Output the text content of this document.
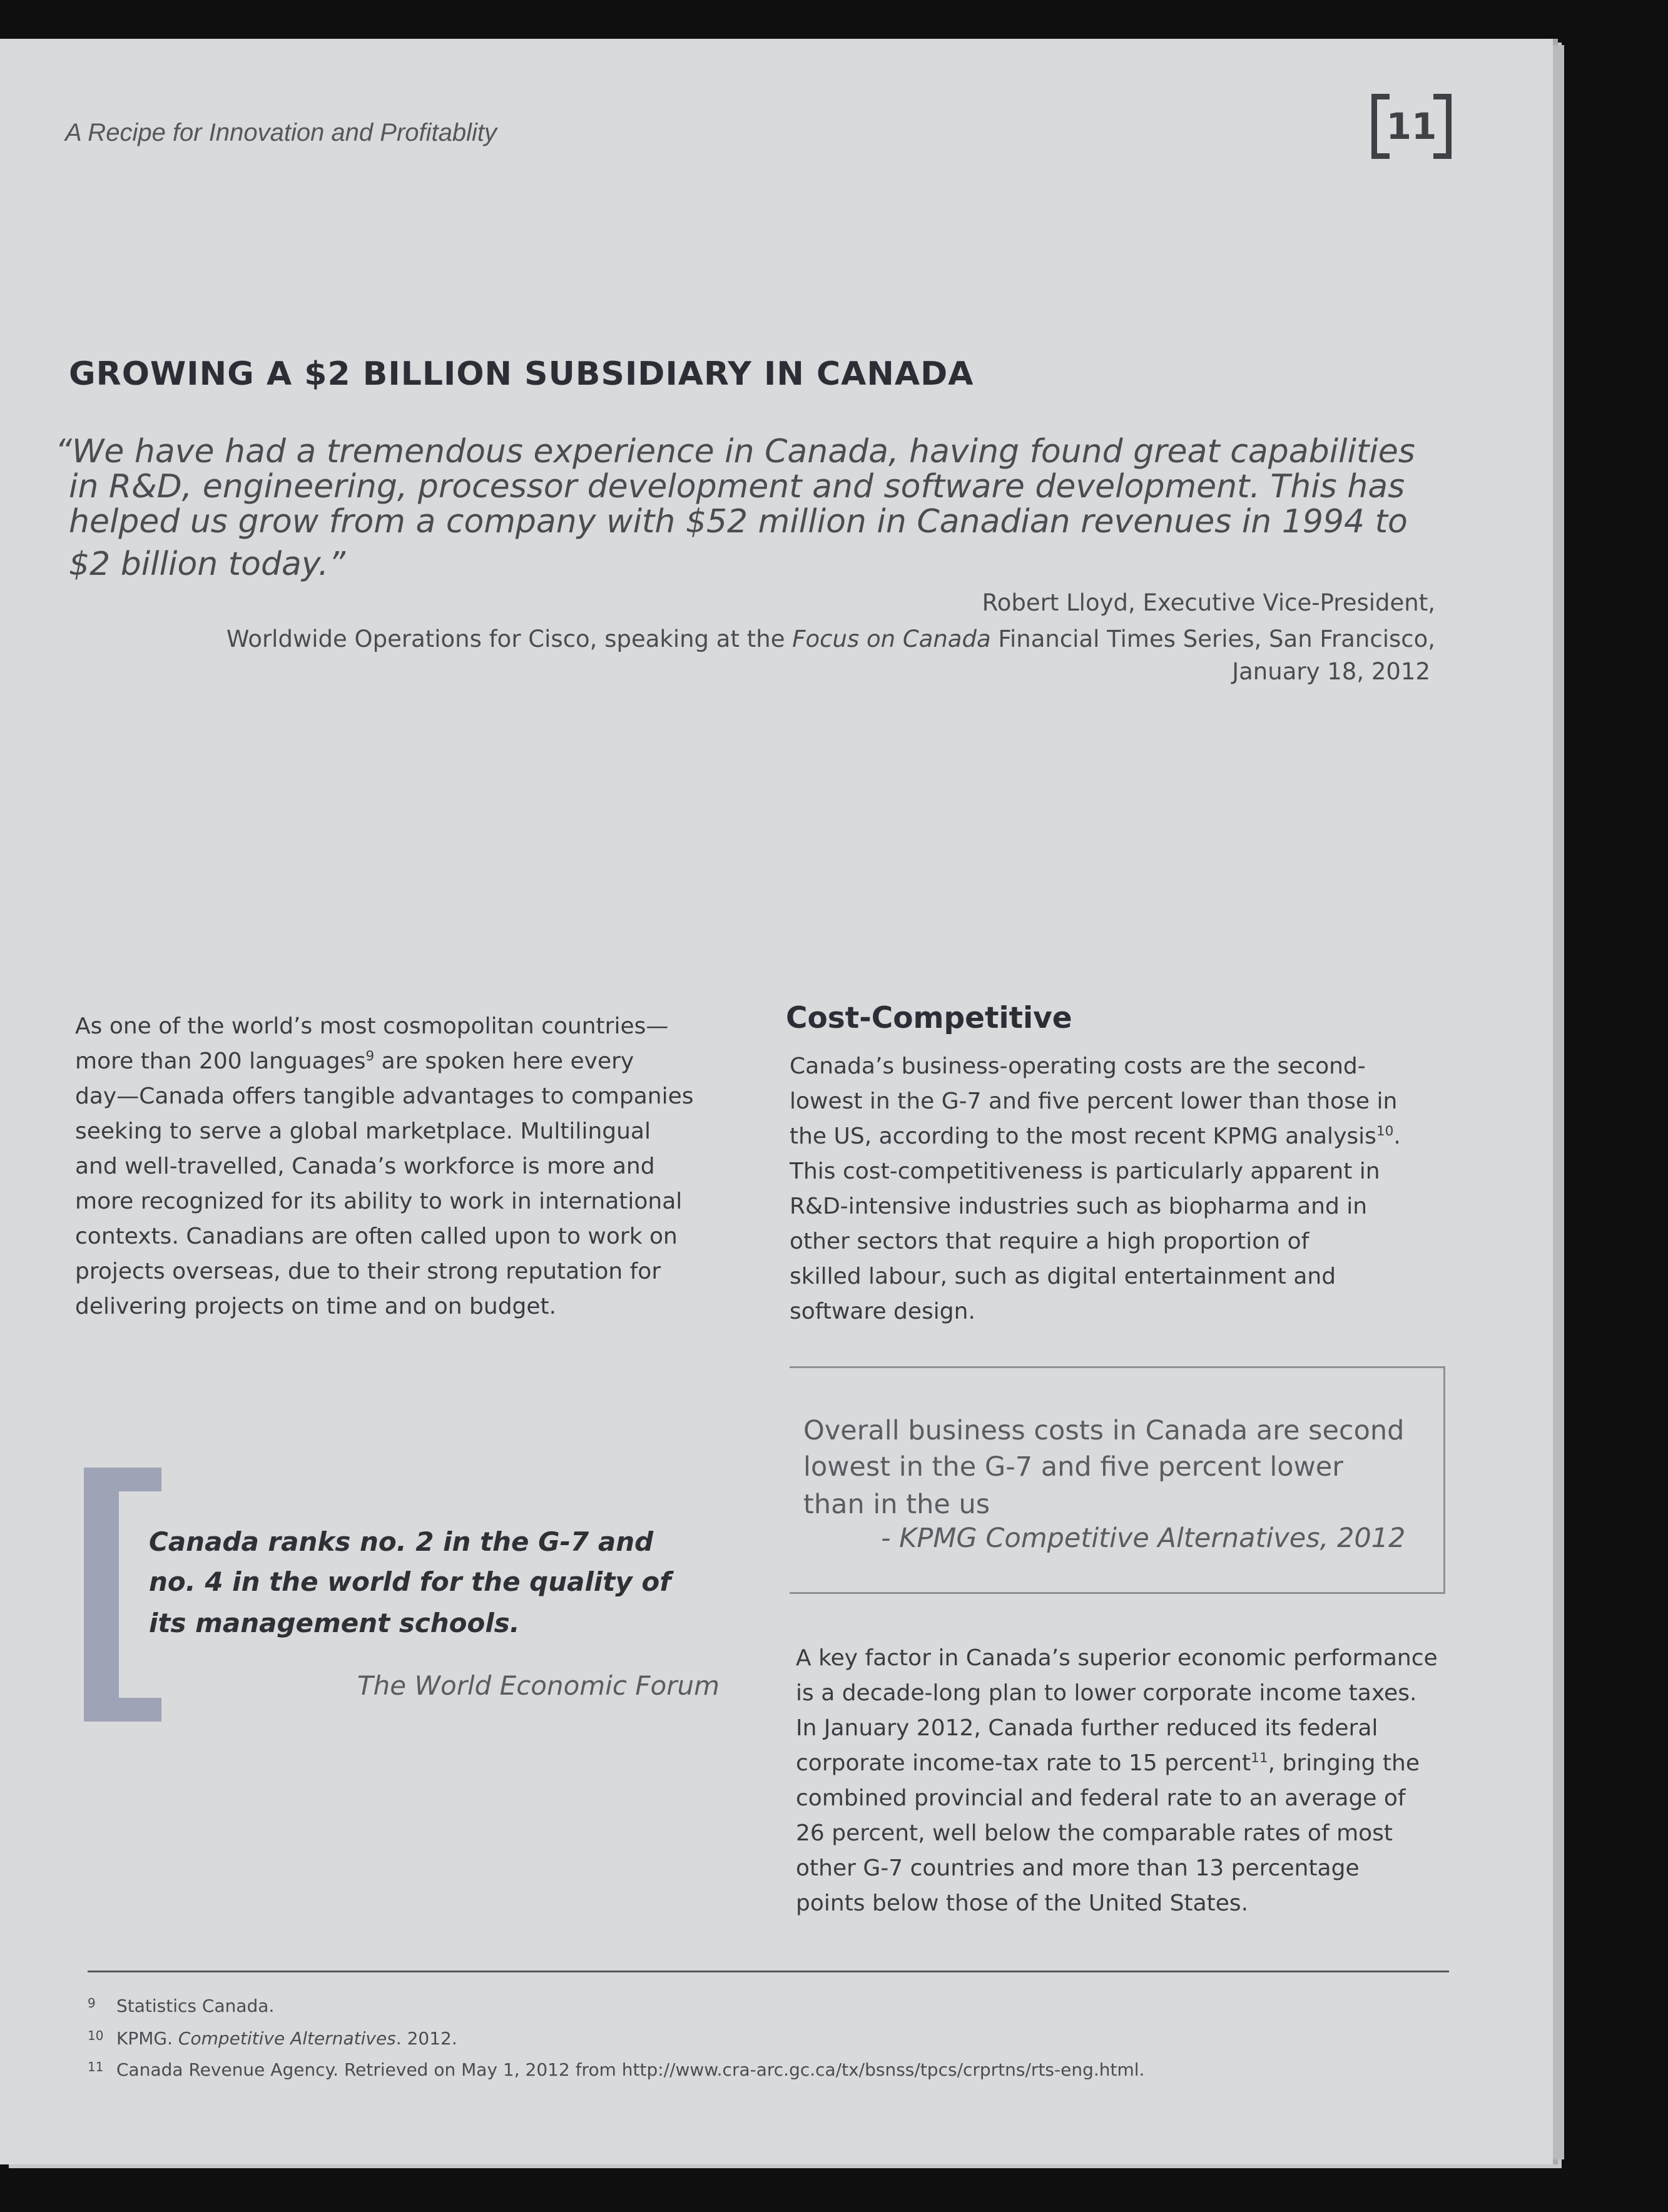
A Recipe for Innovation and Profitablity	11
GROWING A $2 BILLION SUBSIDIARY IN CANADA
“We have had a tremendous experience in Canada, having found great capabilities
in R&D, engineering, processor development and software development. This has
helped us grow from a company with $52 million in Canadian revenues in 1994 to
$2 billion today.”
Robert Lloyd, Executive Vice-President,
Worldwide Operations for Cisco, speaking at the Focus on Canada Financial Times Series, San Francisco,
January 18, 2012
As one of the world’s most cosmopolitan countries—
more than 200 languages$^9$ are spoken here every
day—Canada offers tangible advantages to companies
seeking to serve a global marketplace. Multilingual
and well-travelled, Canada’s workforce is more and
more recognized for its ability to work in international
contexts. Canadians are often called upon to work on
projects overseas, due to their strong reputation for
delivering projects on time and on budget.
Canada ranks no. 2 in the G-7 and
no. 4 in the world for the quality of
its management schools.
The World Economic Forum
Cost-Competitive
Canada’s business-operating costs are the second-
lowest in the G-7 and five percent lower than those in
the US, according to the most recent KPMG analysis$^{10}$.
This cost-competitiveness is particularly apparent in
R&D-intensive industries such as biopharma and in
other sectors that require a high proportion of
skilled labour, such as digital entertainment and
software design.
Overall business costs in Canada are second
lowest in the G-7 and five percent lower
than in the us
- KPMG Competitive Alternatives, 2012
A key factor in Canada’s superior economic performance
is a decade-long plan to lower corporate income taxes.
In January 2012, Canada further reduced its federal
corporate income-tax rate to 15 percent$^{11}$, bringing the
combined provincial and federal rate to an average of
26 percent, well below the comparable rates of most
other G-7 countries and more than 13 percentage
points below those of the United States.
9 Statistics Canada.
10 KPMG. Competitive Alternatives. 2012.
11 Canada Revenue Agency. Retrieved on May 1, 2012 from http://www.cra-arc.gc.ca/tx/bsnss/tpcs/crprtns/rts-eng.html.
